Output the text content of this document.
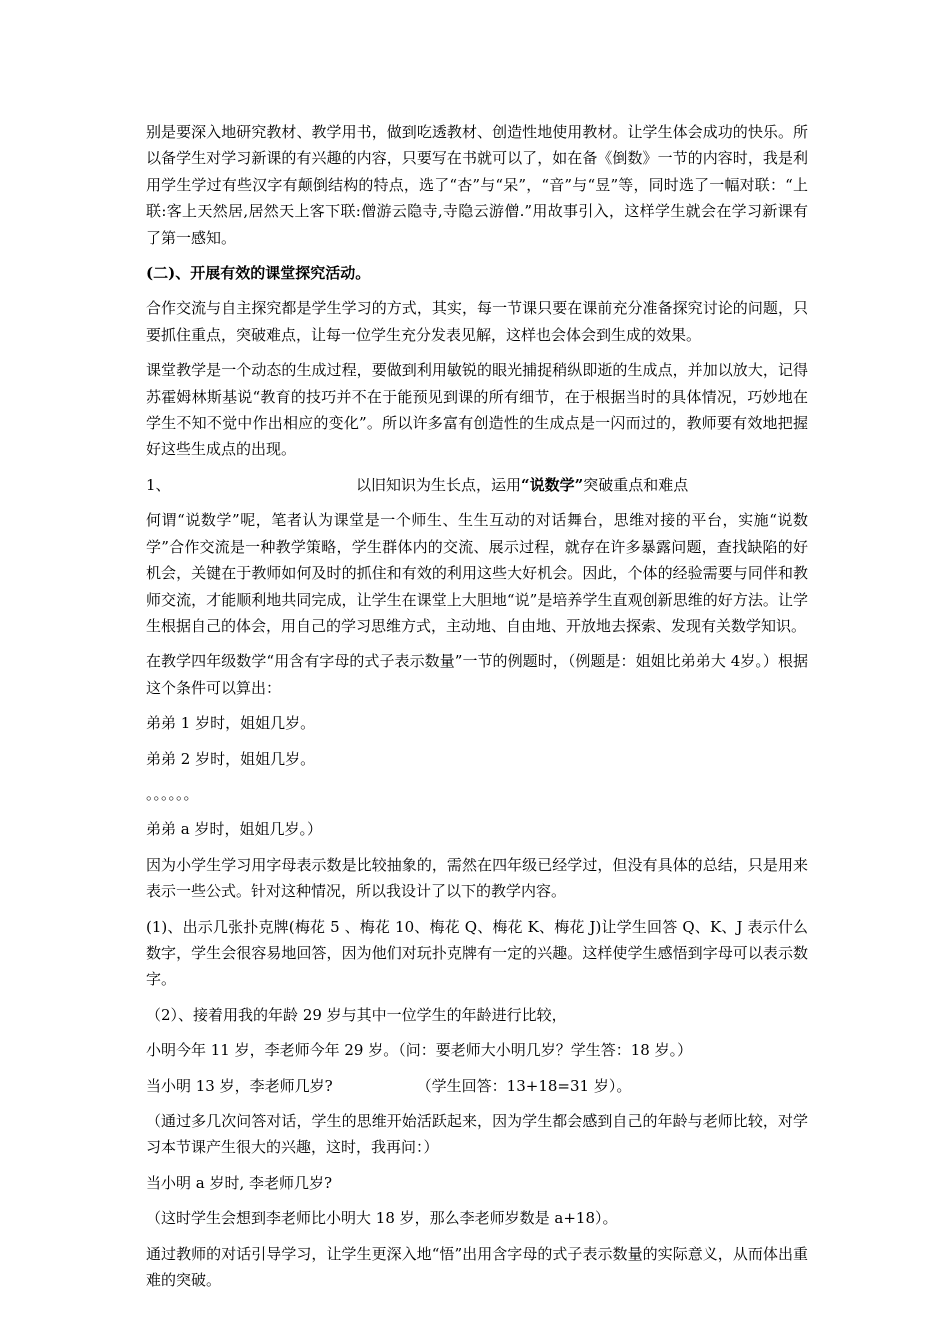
别是要深入地研究教材、教学用书，做到吃透教材、创造性地使用教材。让学生体会成功的快乐。所以备学生对学习新课的有兴趣的内容，只要写在书就可以了，如在备《倒数》一节的内容时，我是利用学生学过有些汉字有颠倒结构的特点，选了“杏”与“呆”，“音”与“昱”等，同时选了一幅对联：“上联:客上天然居,居然天上客下联:僧游云隐寺,寺隐云游僧.”用故事引入，这样学生就会在学习新课有了第一感知。

(二)、开展有效的课堂探究活动。

合作交流与自主探究都是学生学习的方式，其实，每一节课只要在课前充分准备探究讨论的问题，只要抓住重点，突破难点，让每一位学生充分发表见解，这样也会体会到生成的效果。

课堂教学是一个动态的生成过程，要做到利用敏锐的眼光捕捉稍纵即逝的生成点，并加以放大，记得苏霍姆林斯基说“教育的技巧并不在于能预见到课的所有细节，在于根据当时的具体情况，巧妙地在学生不知不觉中作出相应的变化”。所以许多富有创造性的生成点是一闪而过的，教师要有效地把握好这些生成点的出现。

1、	以旧知识为生长点，运用“说数学”突破重点和难点

何谓“说数学”呢，笔者认为课堂是一个师生、生生互动的对话舞台，思维对接的平台，实施“说数学”合作交流是一种教学策略，学生群体内的交流、展示过程，就存在许多暴露问题，查找缺陷的好机会，关键在于教师如何及时的抓住和有效的利用这些大好机会。因此，个体的经验需要与同伴和教师交流，才能顺利地共同完成，让学生在课堂上大胆地“说”是培养学生直观创新思维的好方法。让学生根据自己的体会，用自己的学习思维方式，主动地、自由地、开放地去探索、发现有关数学知识。

在教学四年级数学“用含有字母的式子表示数量”一节的例题时，（例题是：姐姐比弟弟大 4岁。）根据这个条件可以算出：

弟弟 1 岁时，姐姐几岁。

弟弟 2 岁时，姐姐几岁。

。。。。。。

弟弟 a 岁时，姐姐几岁。）

因为小学生学习用字母表示数是比较抽象的，需然在四年级已经学过，但没有具体的总结，只是用来表示一些公式。针对这种情况，所以我设计了以下的教学内容。

(1)、出示几张扑克牌(梅花 5 、梅花 10、梅花 Q、梅花 K、梅花 J)让学生回答 Q、K、J 表示什么数字，学生会很容易地回答，因为他们对玩扑克牌有一定的兴趣。这样使学生感悟到字母可以表示数字。

（2）、接着用我的年龄 29 岁与其中一位学生的年龄进行比较，

小明今年 11 岁，李老师今年 29 岁。（问：要老师大小明几岁？学生答：18 岁。）

当小明 13 岁，李老师几岁?	（学生回答：13+18=31 岁）。

（通过多几次问答对话，学生的思维开始活跃起来，因为学生都会感到自己的年龄与老师比较，对学习本节课产生很大的兴趣，这时，我再问：）

当小明 a 岁时, 李老师几岁?

（这时学生会想到李老师比小明大 18 岁，那么李老师岁数是 a+18）。

通过教师的对话引导学习，让学生更深入地“悟”出用含字母的式子表示数量的实际意义，从而体出重难的突破。
